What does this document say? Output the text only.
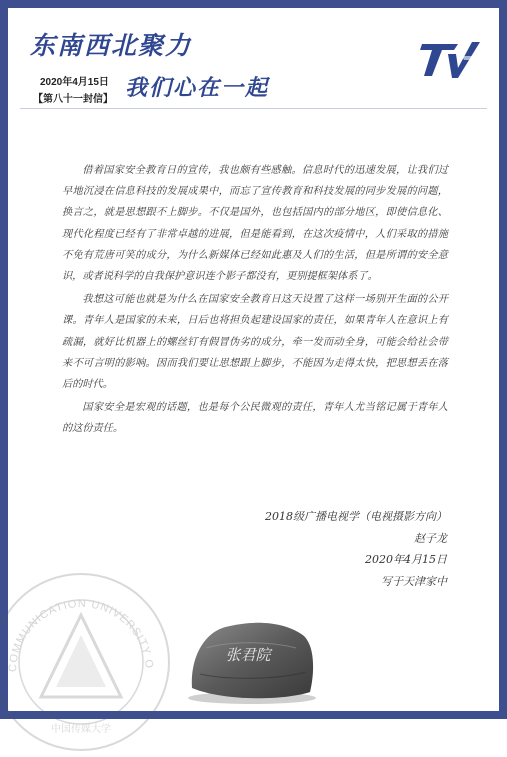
东南西北聚力
2020年4月15日
【第八十一封信】 我们心在一起

借着国家安全教育日的宣传，我也颇有些感触。信息时代的迅速发展，让我们过早地沉浸在信息科技的发展成果中，而忘了宣传教育和科技发展的同步发展的问题，换言之，就是思想跟不上脚步。不仅是国外，也包括国内的部分地区，即使信息化、现代化程度已经有了非常卓越的进展，但是能看到，在这次疫情中，人们采取的措施不免有荒唐可笑的成分，为什么新媒体已经如此惠及人们的生活，但是所谓的安全意识，或者说科学的自我保护意识连个影子都没有，更别提框架体系了。

我想这可能也就是为什么在国家安全教育日这天设置了这样一场别开生面的公开课。青年人是国家的未来，日后也将担负起建设国家的责任，如果青年人在意识上有疏漏，就好比机器上的螺丝钉有假冒伪劣的成分，牵一发而动全身，可能会给社会带来不可言明的影响。因而我们要让思想跟上脚步，不能因为走得太快，把思想丢在落后的时代。

国家安全是宏观的话题，也是每个公民微观的责任，青年人尤当铭记属于青年人的这份责任。

2018级广播电视学（电视摄影方向）
赵子龙
2020年4月15日
写于天津家中
COMMUNICATION UNIVERSITY O
中国传媒大学
张君院
